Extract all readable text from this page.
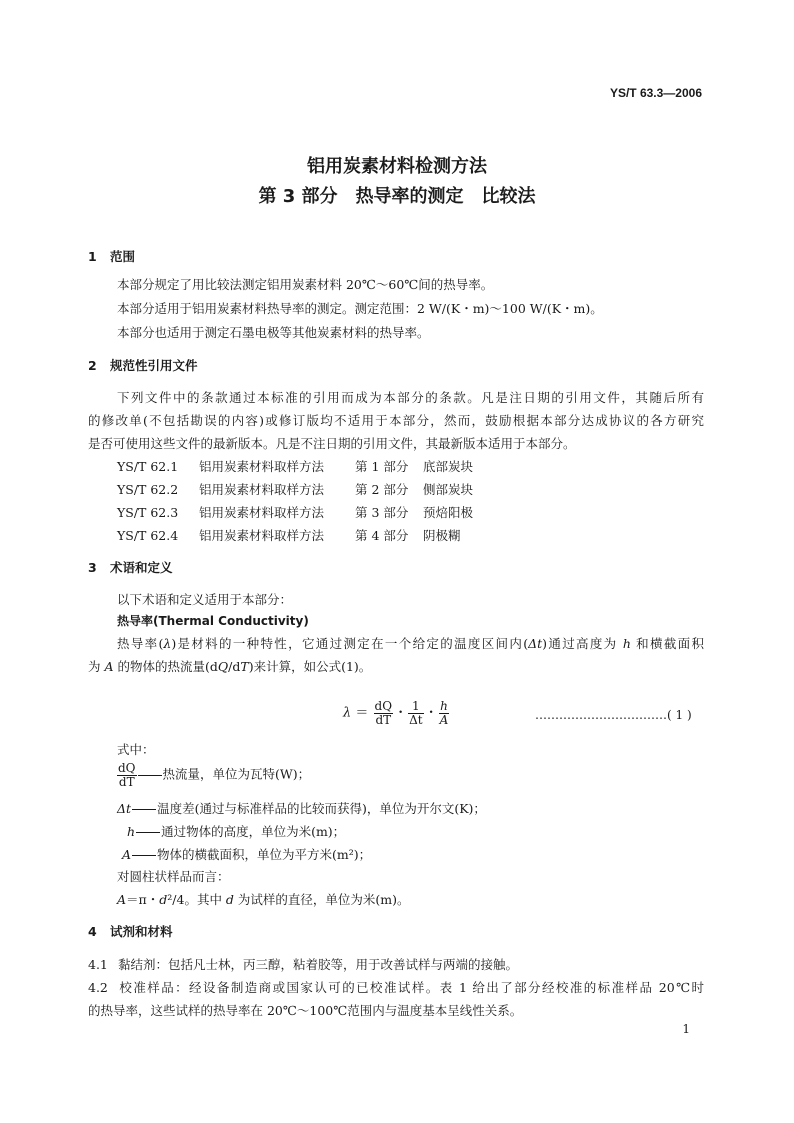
YS/T 63.3—2006
铝用炭素材料检测方法
第 3 部分　热导率的测定　比较法
1 范围
本部分规定了用比较法测定铝用炭素材料 20℃～60℃间的热导率。
本部分适用于铝用炭素材料热导率的测定。测定范围：2 W/(K・m)～100 W/(K・m)。
本部分也适用于测定石墨电极等其他炭素材料的热导率。
2 规范性引用文件
下列文件中的条款通过本标准的引用而成为本部分的条款。凡是注日期的引用文件，其随后所有
的修改单(不包括勘误的内容)或修订版均不适用于本部分，然而，鼓励根据本部分达成协议的各方研究
是否可使用这些文件的最新版本。凡是不注日期的引用文件，其最新版本适用于本部分。
YS/T 62.1 铝用炭素材料取样方法 第 1 部分 底部炭块
YS/T 62.2 铝用炭素材料取样方法 第 2 部分 侧部炭块
YS/T 62.3 铝用炭素材料取样方法 第 3 部分 预焙阳极
YS/T 62.4 铝用炭素材料取样方法 第 4 部分 阴极糊
3 术语和定义
以下术语和定义适用于本部分：
热导率(Thermal Conductivity)
热导率(λ)是材料的一种特性，它通过测定在一个给定的温度区间内(Δt)通过高度为 h 和横截面积
为 A 的物体的热流量(dQ/dT)来计算，如公式(1)。
$\lambda = \frac{dQ}{dT}$ ・ $\frac{1}{\Delta t}$ ・ $\frac{h}{A}$	……………………………( 1 )
式中：
$\frac{dQ}{dT}$ 热流量，单位为瓦特(W)；
Δt 温度差(通过与标准样品的比较而获得)，单位为开尔文(K)；
h 通过物体的高度，单位为米(m)；
A 物体的横截面积，单位为平方米(m²)；
对圆柱状样品而言：
A＝π・d²/4。其中 d 为试样的直径，单位为米(m)。
4 试剂和材料
4.1 黏结剂：包括凡士林，丙三醇，粘着胶等，用于改善试样与两端的接触。
4.2 校准样品：经设备制造商或国家认可的已校准试样。表 1 给出了部分经校准的标准样品 20℃时
的热导率，这些试样的热导率在 20℃～100℃范围内与温度基本呈线性关系。
1
